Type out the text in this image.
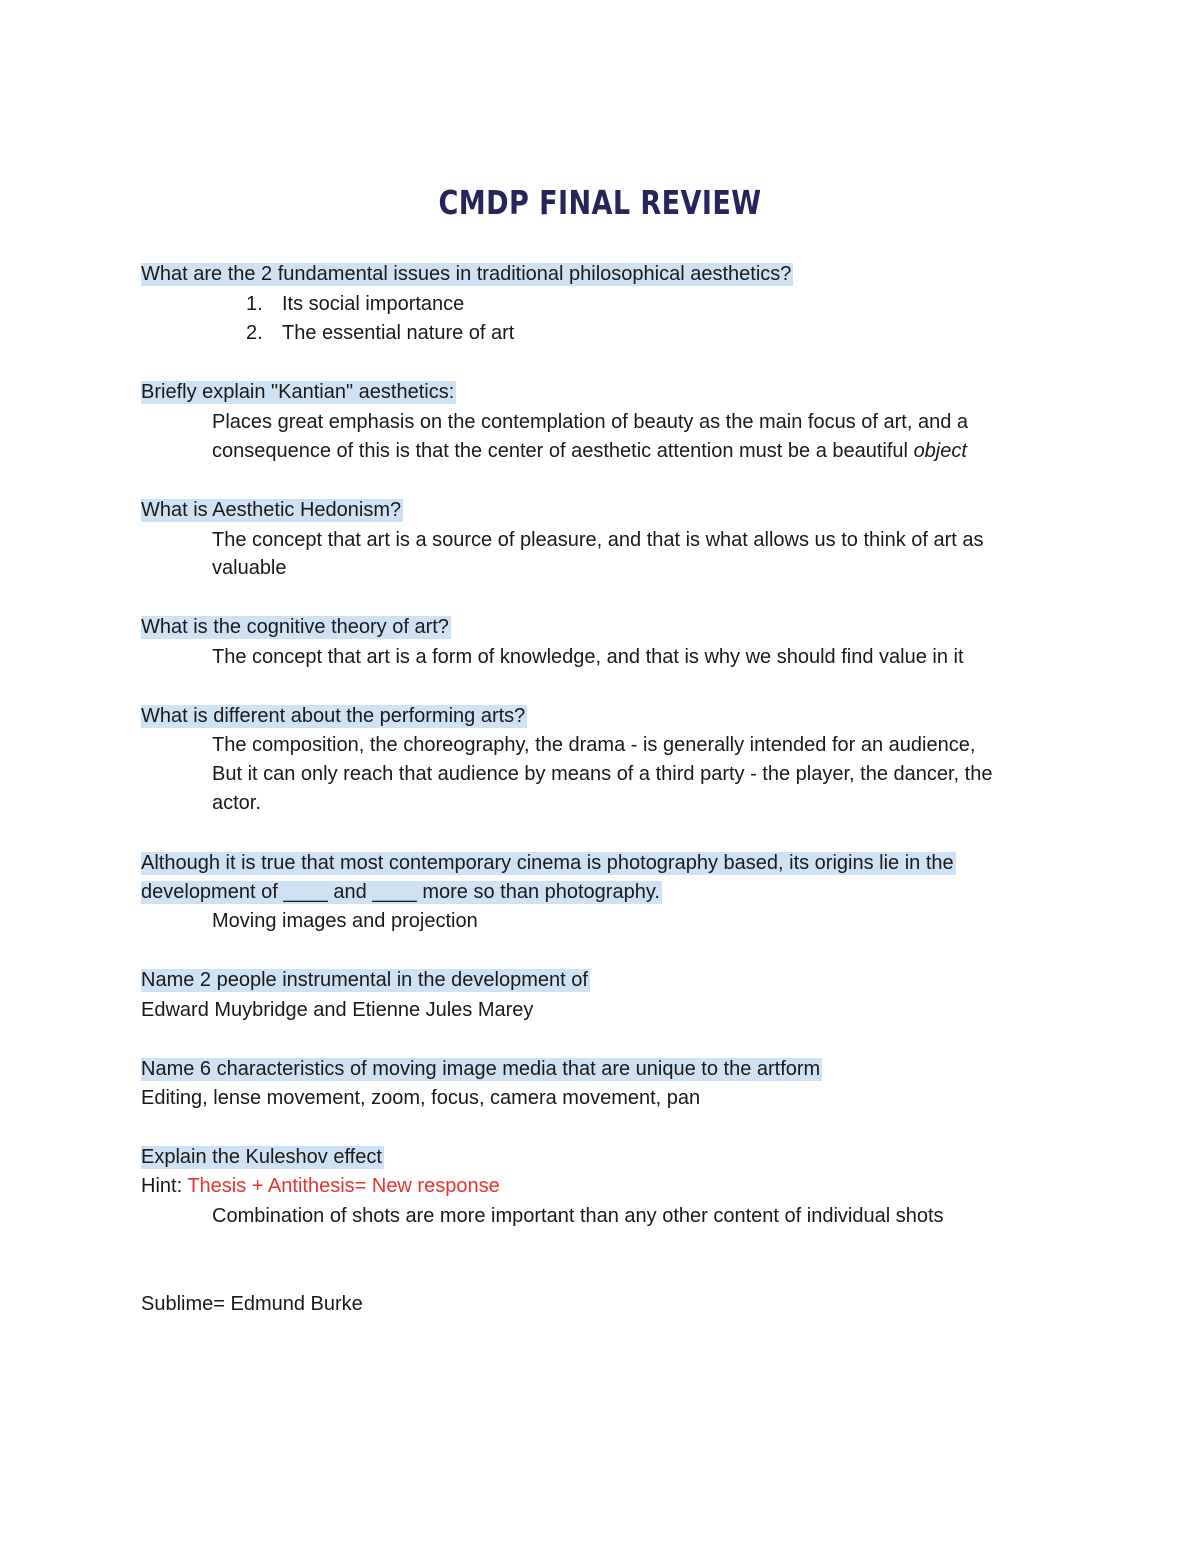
CMDP FINAL REVIEW
What are the 2 fundamental issues in traditional philosophical aesthetics?
1. Its social importance
2. The essential nature of art
Briefly explain "Kantian" aesthetics:
Places great emphasis on the contemplation of beauty as the main focus of art, and a
consequence of this is that the center of aesthetic attention must be a beautiful object
What is Aesthetic Hedonism?
The concept that art is a source of pleasure, and that is what allows us to think of art as
valuable
What is the cognitive theory of art?
The concept that art is a form of knowledge, and that is why we should find value in it
What is different about the performing arts?
The composition, the choreography, the drama - is generally intended for an audience,
But it can only reach that audience by means of a third party - the player, the dancer, the
actor.
Although it is true that most contemporary cinema is photography based, its origins lie in the
development of ____ and ____ more so than photography.
Moving images and projection
Name 2 people instrumental in the development of
Edward Muybridge and Etienne Jules Marey
Name 6 characteristics of moving image media that are unique to the artform
Editing, lense movement, zoom, focus, camera movement, pan
Explain the Kuleshov effect
Hint: Thesis + Antithesis= New response
Combination of shots are more important than any other content of individual shots
Sublime= Edmund Burke
